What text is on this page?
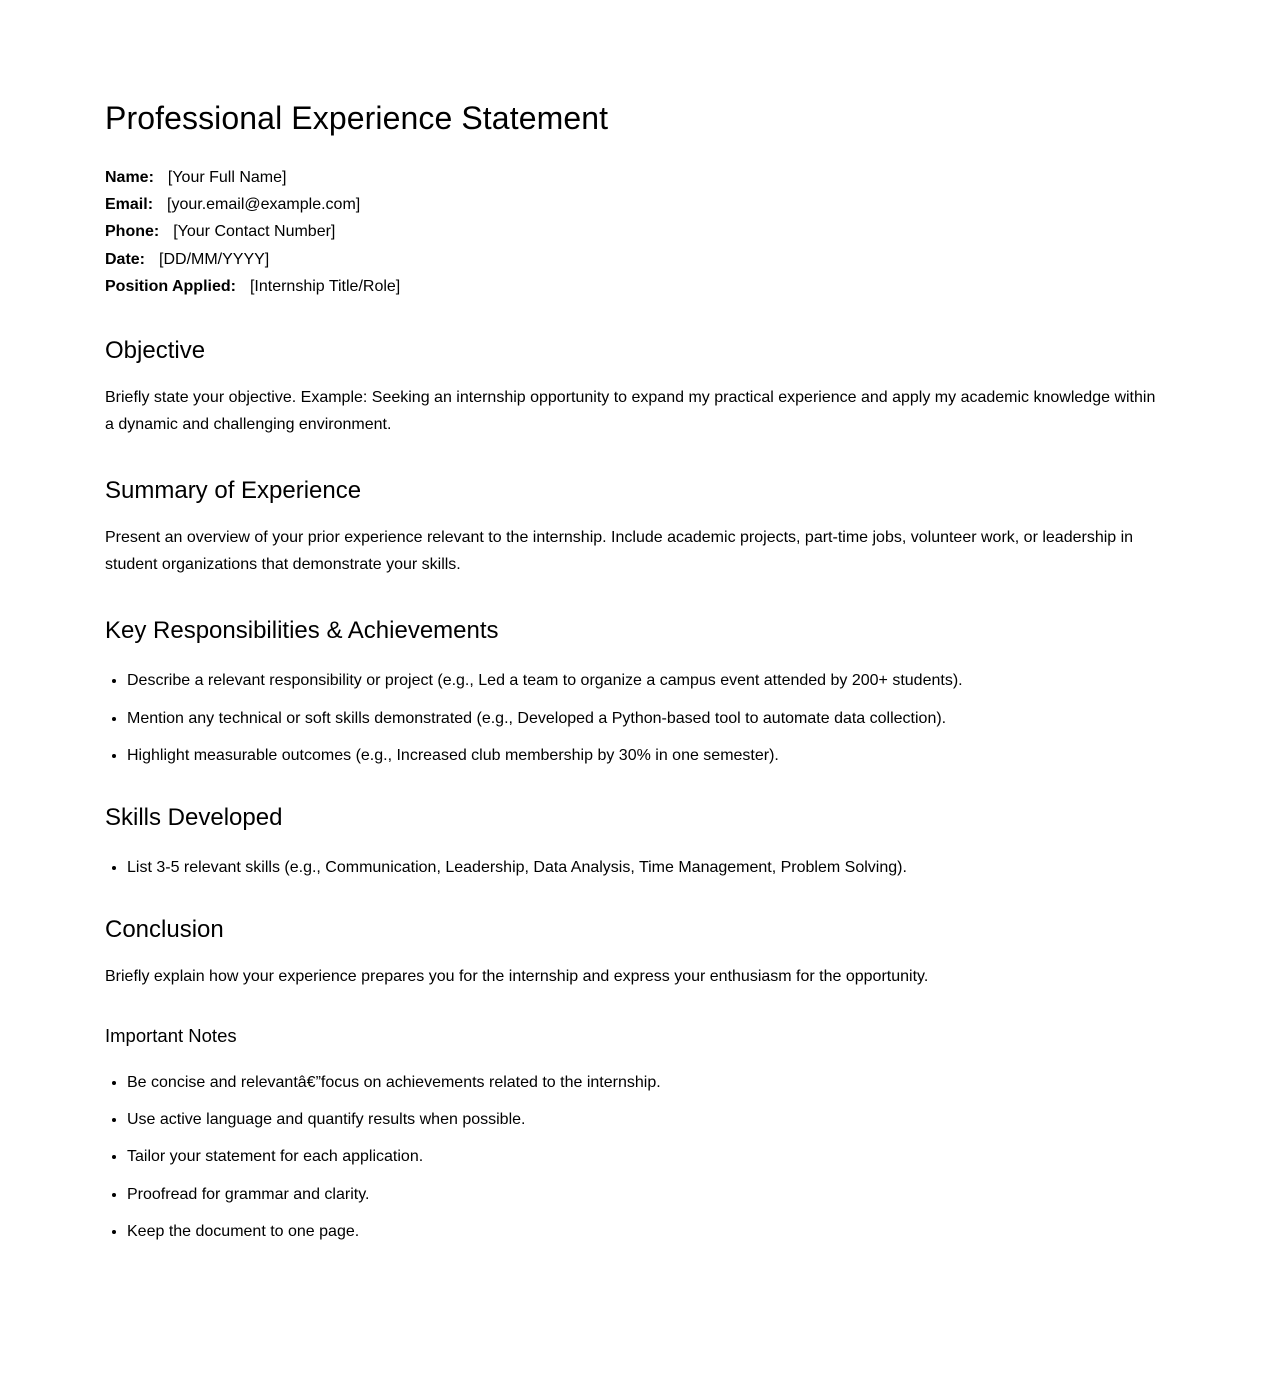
Professional Experience Statement
Name: [Your Full Name]
Email: [your.email@example.com]
Phone: [Your Contact Number]
Date: [DD/MM/YYYY]
Position Applied: [Internship Title/Role]
Objective

Briefly state your objective. Example: Seeking an internship opportunity to expand my practical experience and apply my academic knowledge within a dynamic and challenging environment.

Summary of Experience

Present an overview of your prior experience relevant to the internship. Include academic projects, part-time jobs, volunteer work, or leadership in student organizations that demonstrate your skills.

Key Responsibilities & Achievements
• Describe a relevant responsibility or project (e.g., Led a team to organize a campus event attended by 200+ students).
• Mention any technical or soft skills demonstrated (e.g., Developed a Python-based tool to automate data collection).
• Highlight measurable outcomes (e.g., Increased club membership by 30% in one semester).
Skills Developed
• List 3-5 relevant skills (e.g., Communication, Leadership, Data Analysis, Time Management, Problem Solving).
Conclusion

Briefly explain how your experience prepares you for the internship and express your enthusiasm for the opportunity.

Important Notes
• Be concise and relevantâ€”focus on achievements related to the internship.
• Use active language and quantify results when possible.
• Tailor your statement for each application.
• Proofread for grammar and clarity.
• Keep the document to one page.
